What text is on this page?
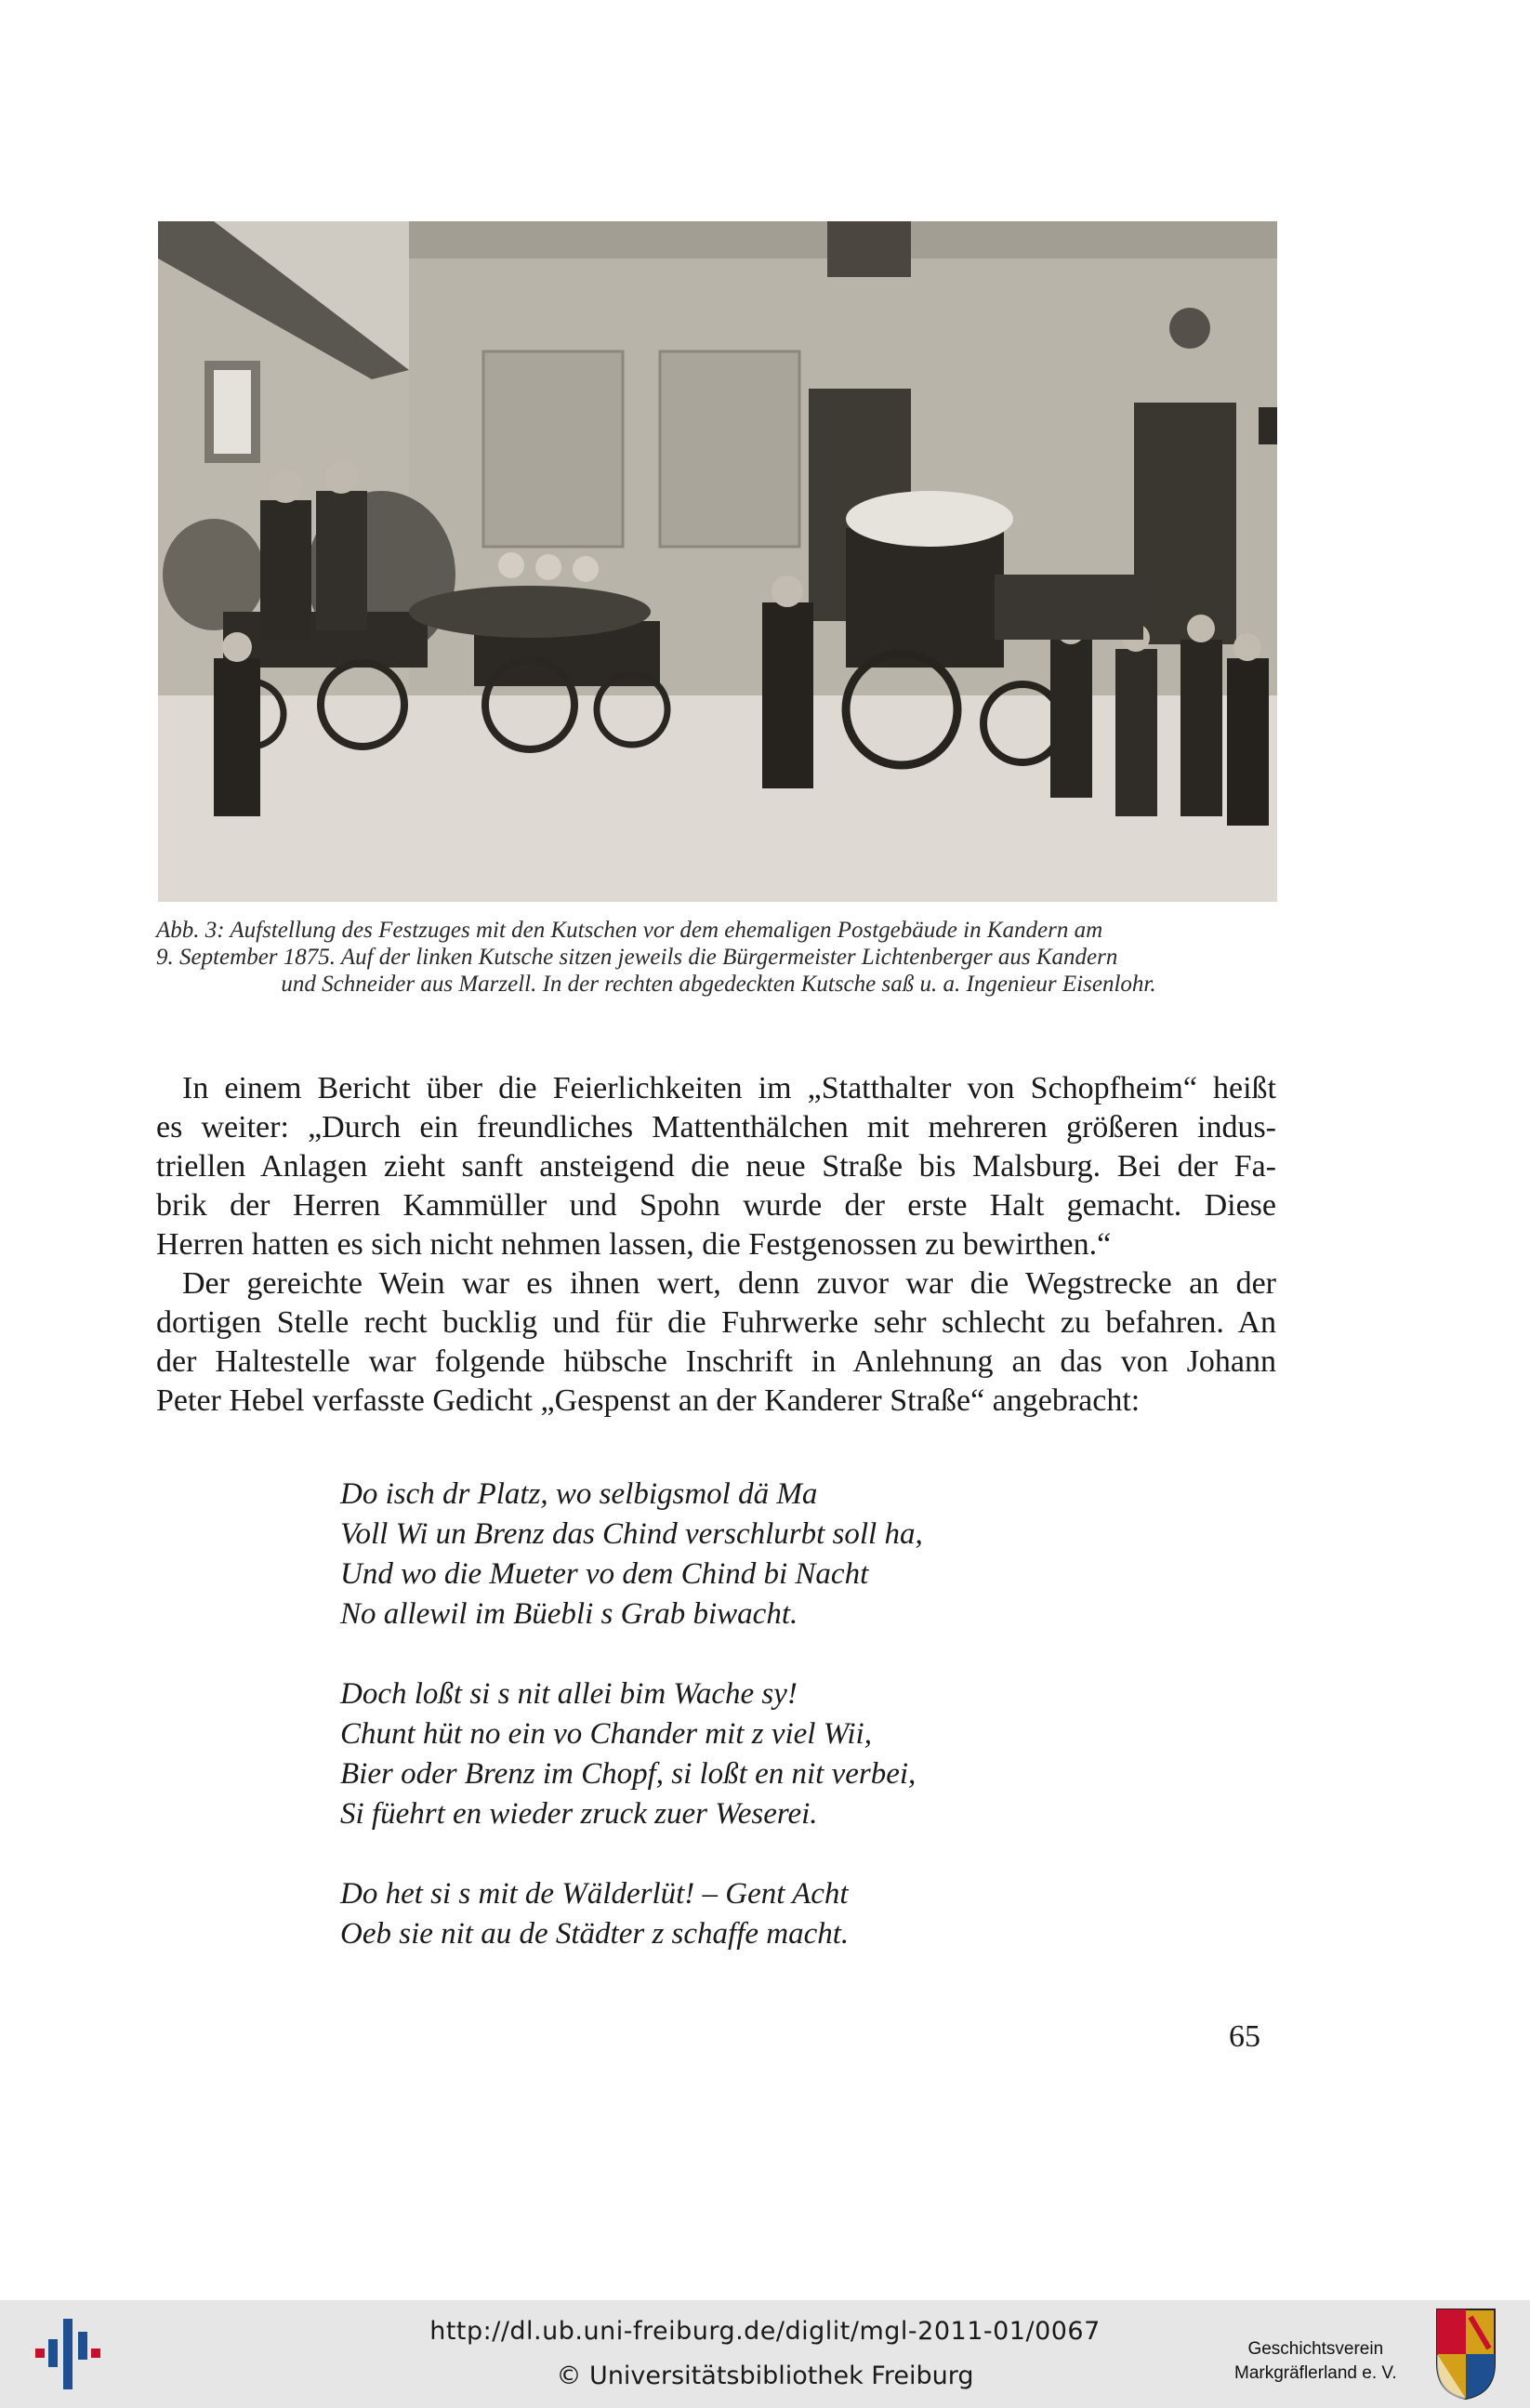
Abb. 3: Aufstellung des Festzuges mit den Kutschen vor dem ehemaligen Postgebäude in Kandern am
9. September 1875. Auf der linken Kutsche sitzen jeweils die Bürgermeister Lichtenberger aus Kandern
und Schneider aus Marzell. In der rechten abgedeckten Kutsche saß u. a. Ingenieur Eisenlohr.
In einem Bericht über die Feierlichkeiten im „Statthalter von Schopfheim“ heißt
es weiter: „Durch ein freundliches Mattenthälchen mit mehreren größeren indus-
triellen Anlagen zieht sanft ansteigend die neue Straße bis Malsburg. Bei der Fa-
brik der Herren Kammüller und Spohn wurde der erste Halt gemacht. Diese
Herren hatten es sich nicht nehmen lassen, die Festgenossen zu bewirthen.“
Der gereichte Wein war es ihnen wert, denn zuvor war die Wegstrecke an der
dortigen Stelle recht bucklig und für die Fuhrwerke sehr schlecht zu befahren. An
der Haltestelle war folgende hübsche Inschrift in Anlehnung an das von Johann
Peter Hebel verfasste Gedicht „Gespenst an der Kanderer Straße“ angebracht:
Do isch dr Platz, wo selbigsmol dä Ma
Voll Wi un Brenz das Chind verschlurbt soll ha,
Und wo die Mueter vo dem Chind bi Nacht
No allewil im Büebli s Grab biwacht.
Doch loßt si s nit allei bim Wache sy!
Chunt hüt no ein vo Chander mit z viel Wii,
Bier oder Brenz im Chopf, si loßt en nit verbei,
Si füehrt en wieder zruck zuer Weserei.
Do het si s mit de Wälderlüt! – Gent Acht
Oeb sie nit au de Städter z schaffe macht.
65
http://dl.ub.uni-freiburg.de/diglit/mgl-2011-01/0067
© Universitätsbibliothek Freiburg
Geschichtsverein
Markgräflerland e. V.
